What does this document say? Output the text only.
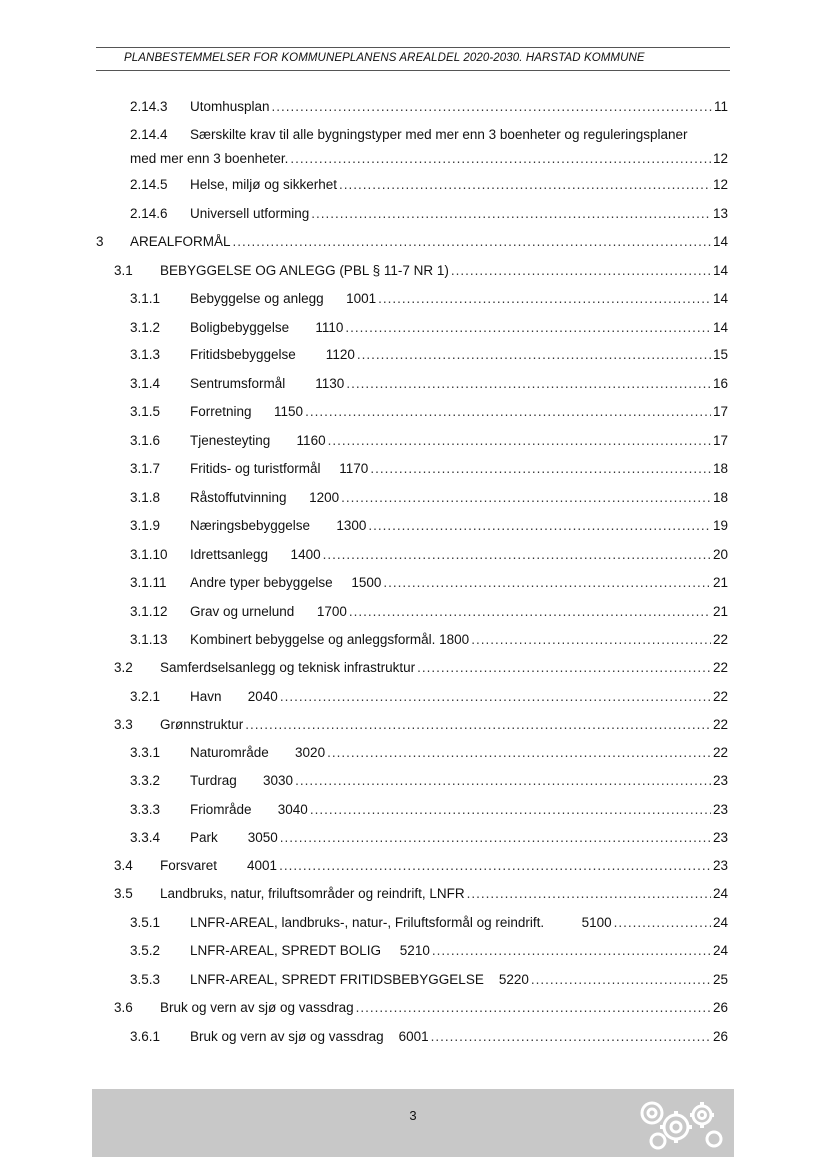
PLANBESTEMMELSER FOR KOMMUNEPLANENS AREALDEL 2020-2030. HARSTAD KOMMUNE
2.14.3 Utomhusplan .....	11
2.14.4 Særskilte krav til alle bygningstyper med mer enn 3 boenheter og reguleringsplaner
med mer enn 3 boenheter. .....	12
2.14.5 Helse, miljø og sikkerhet .....	12
2.14.6 Universell utforming .....	13
3 AREALFORMÅL .....	14
3.1 BEBYGGELSE OG ANLEGG (PBL § 11-7 NR 1) .....	14
3.1.1 Bebyggelse og anlegg      1001 .....	14
3.1.2 Boligbebyggelse       1110 .....	14
3.1.3 Fritidsbebyggelse        1120 .....	15
3.1.4 Sentrumsformål        1130 .....	16
3.1.5 Forretning      1150 .....	17
3.1.6 Tjenesteyting       1160 .....	17
3.1.7 Fritids- og turistformål     1170 .....	18
3.1.8 Råstoffutvinning      1200 .....	18
3.1.9 Næringsbebyggelse       1300 .....	19
3.1.10 Idrettsanlegg      1400 .....	20
3.1.11 Andre typer bebyggelse     1500 .....	21
3.1.12 Grav og urnelund      1700 .....	21
3.1.13 Kombinert bebyggelse og anleggsformål. 1800 .....	22
3.2 Samferdselsanlegg og teknisk infrastruktur .....	22
3.2.1 Havn       2040 .....	22
3.3 Grønnstruktur .....	22
3.3.1 Naturområde       3020 .....	22
3.3.2 Turdrag       3030 .....	23
3.3.3 Friområde       3040 .....	23
3.3.4 Park        3050 .....	23
3.4 Forsvaret        4001 .....	23
3.5 Landbruks, natur, friluftsområder og reindrift, LNFR .....	24
3.5.1 LNFR-AREAL, landbruks-, natur-, Friluftsformål og reindrift.          5100 .....	24
3.5.2 LNFR-AREAL, SPREDT BOLIG     5210 .....	24
3.5.3 LNFR-AREAL, SPREDT FRITIDSBEBYGGELSE    5220 .....	25
3.6 Bruk og vern av sjø og vassdrag .....	26
3.6.1 Bruk og vern av sjø og vassdrag    6001 .....	26
3
